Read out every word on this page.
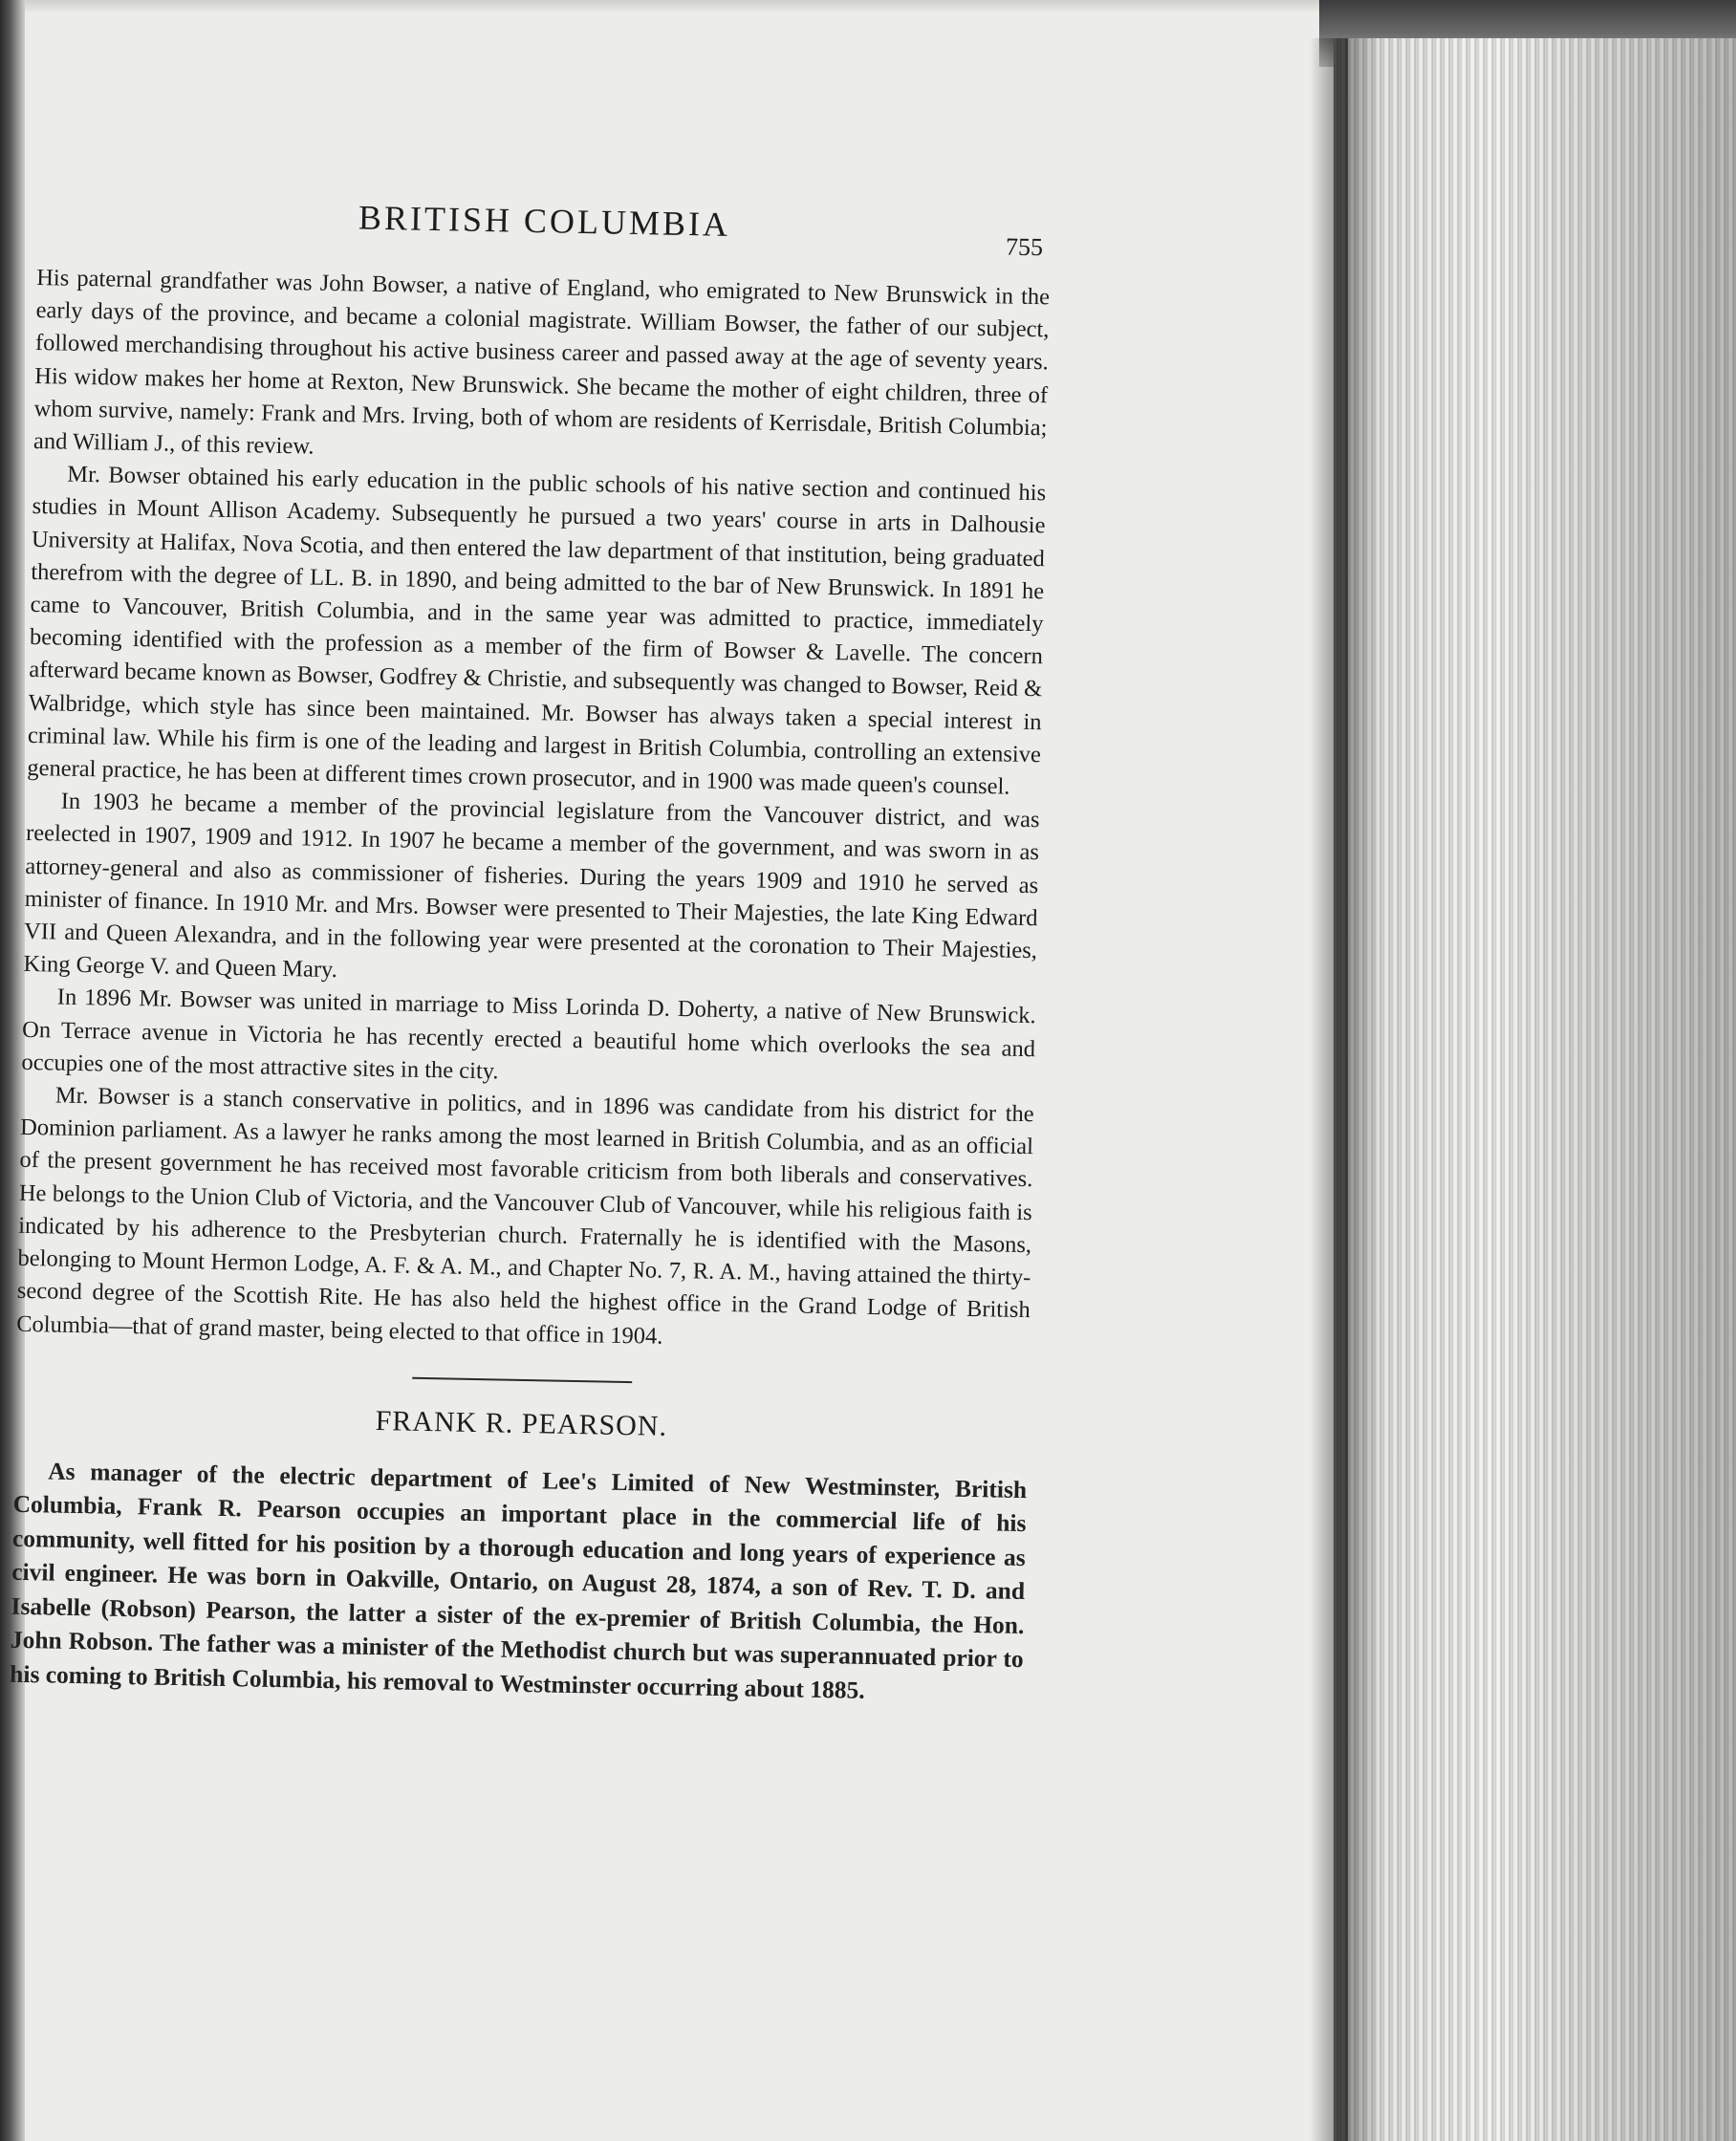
BRITISH COLUMBIA
755

His paternal grandfather was John Bowser, a native of England, who emigrated to New Brunswick in the early days of the province, and became a colonial magistrate. William Bowser, the father of our subject, followed merchandising throughout his active business career and passed away at the age of seventy years. His widow makes her home at Rexton, New Brunswick. She became the mother of eight children, three of whom survive, namely: Frank and Mrs. Irving, both of whom are residents of Kerrisdale, British Columbia; and William J., of this review.

Mr. Bowser obtained his early education in the public schools of his native section and continued his studies in Mount Allison Academy. Subsequently he pursued a two years' course in arts in Dalhousie University at Halifax, Nova Scotia, and then entered the law department of that institution, being graduated therefrom with the degree of LL. B. in 1890, and being admitted to the bar of New Brunswick. In 1891 he came to Vancouver, British Columbia, and in the same year was admitted to practice, immediately becoming identified with the profession as a member of the firm of Bowser & Lavelle. The concern afterward became known as Bowser, Godfrey & Christie, and subsequently was changed to Bowser, Reid & Walbridge, which style has since been maintained. Mr. Bowser has always taken a special interest in criminal law. While his firm is one of the leading and largest in British Columbia, controlling an extensive general practice, he has been at different times crown prosecutor, and in 1900 was made queen's counsel.

In 1903 he became a member of the provincial legislature from the Vancouver district, and was reelected in 1907, 1909 and 1912. In 1907 he became a member of the government, and was sworn in as attorney-general and also as commissioner of fisheries. During the years 1909 and 1910 he served as minister of finance. In 1910 Mr. and Mrs. Bowser were presented to Their Majesties, the late King Edward VII and Queen Alexandra, and in the following year were presented at the coronation to Their Majesties, King George V. and Queen Mary.

In 1896 Mr. Bowser was united in marriage to Miss Lorinda D. Doherty, a native of New Brunswick. On Terrace avenue in Victoria he has recently erected a beautiful home which overlooks the sea and occupies one of the most attractive sites in the city.

Mr. Bowser is a stanch conservative in politics, and in 1896 was candidate from his district for the Dominion parliament. As a lawyer he ranks among the most learned in British Columbia, and as an official of the present government he has received most favorable criticism from both liberals and conservatives. He belongs to the Union Club of Victoria, and the Vancouver Club of Vancouver, while his religious faith is indicated by his adherence to the Presbyterian church. Fraternally he is identified with the Masons, belonging to Mount Hermon Lodge, A. F. & A. M., and Chapter No. 7, R. A. M., having attained the thirty-second degree of the Scottish Rite. He has also held the highest office in the Grand Lodge of British Columbia—that of grand master, being elected to that office in 1904.

FRANK R. PEARSON.

As manager of the electric department of Lee's Limited of New Westminster, British Columbia, Frank R. Pearson occupies an important place in the commercial life of his community, well fitted for his position by a thorough education and long years of experience as civil engineer. He was born in Oakville, Ontario, on August 28, 1874, a son of Rev. T. D. and Isabelle (Robson) Pearson, the latter a sister of the ex-premier of British Columbia, the Hon. John Robson. The father was a minister of the Methodist church but was superannuated prior to his coming to British Columbia, his removal to Westminster occurring about 1885.
